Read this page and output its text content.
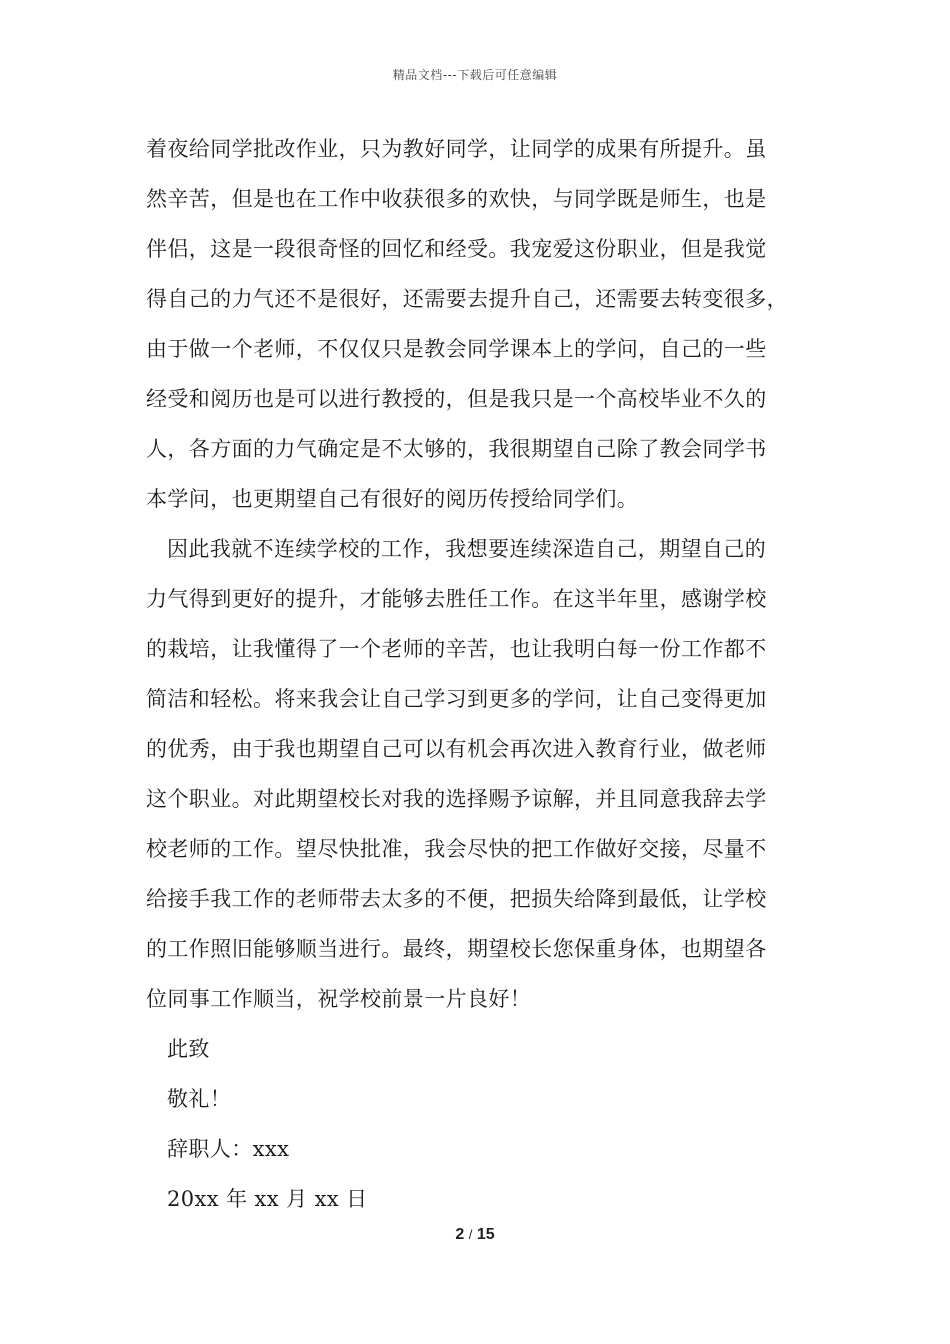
精品文档---下载后可任意编辑
着夜给同学批改作业，只为教好同学，让同学的成果有所提升。虽
然辛苦，但是也在工作中收获很多的欢快，与同学既是师生，也是
伴侣，这是一段很奇怪的回忆和经受。我宠爱这份职业，但是我觉
得自己的力气还不是很好，还需要去提升自己，还需要去转变很多，
由于做一个老师，不仅仅只是教会同学课本上的学问，自己的一些
经受和阅历也是可以进行教授的，但是我只是一个高校毕业不久的
人，各方面的力气确定是不太够的，我很期望自己除了教会同学书
本学问，也更期望自己有很好的阅历传授给同学们。
因此我就不连续学校的工作，我想要连续深造自己，期望自己的
力气得到更好的提升，才能够去胜任工作。在这半年里，感谢学校
的栽培，让我懂得了一个老师的辛苦，也让我明白每一份工作都不
简洁和轻松。将来我会让自己学习到更多的学问，让自己变得更加
的优秀，由于我也期望自己可以有机会再次进入教育行业，做老师
这个职业。对此期望校长对我的选择赐予谅解，并且同意我辞去学
校老师的工作。望尽快批准，我会尽快的把工作做好交接，尽量不
给接手我工作的老师带去太多的不便，把损失给降到最低，让学校
的工作照旧能够顺当进行。最终，期望校长您保重身体，也期望各
位同事工作顺当，祝学校前景一片良好！
此致
敬礼！
辞职人：xxx
20xx 年 xx 月 xx 日
2 / 15
